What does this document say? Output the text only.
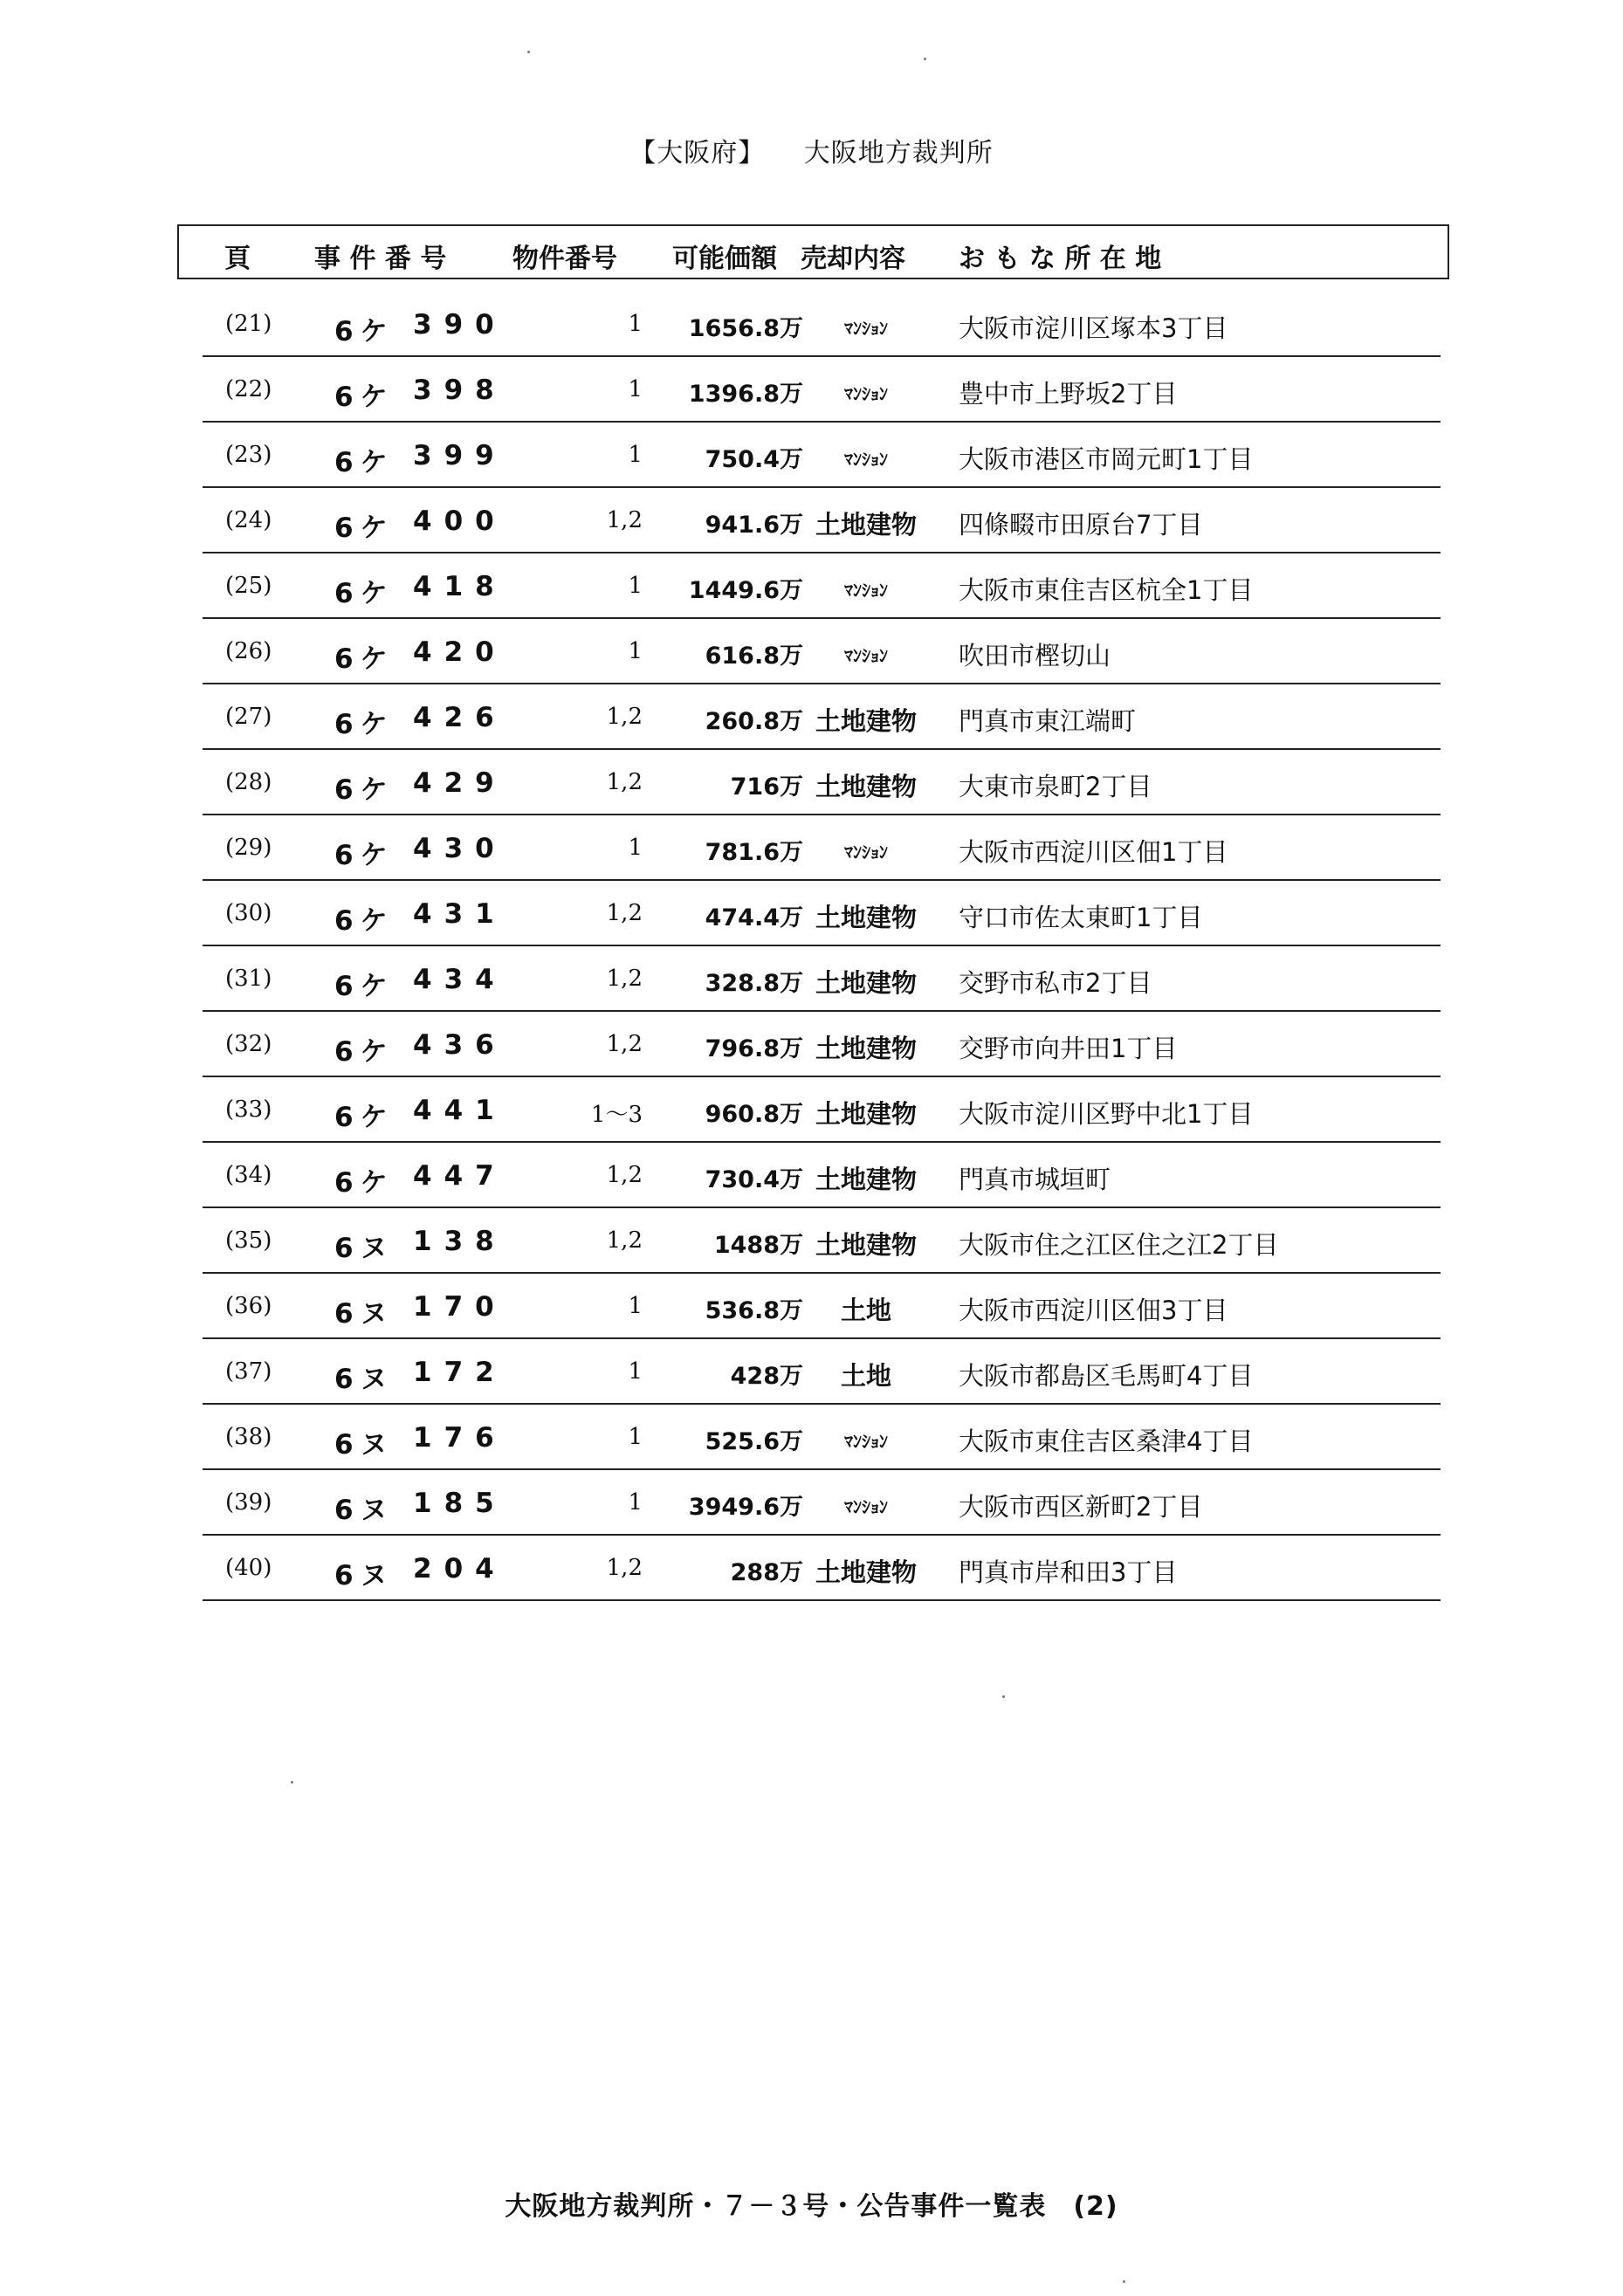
【大阪府】 大阪地方裁判所
頁 事 件 番 号	物件番号 可能価額 売却内容 お も な 所 在 地
(21) 6ケ 390	1	1656.8万	ﾏﾝｼｮﾝ	大阪市淀川区塚本3丁目
(22) 6ケ 398	1	1396.8万	ﾏﾝｼｮﾝ	豊中市上野坂2丁目
(23) 6ケ 399	1	750.4万	ﾏﾝｼｮﾝ	大阪市港区市岡元町1丁目
(24) 6ケ 400	1,2	941.6万 土地建物	四條畷市田原台7丁目
(25) 6ケ 418	1	1449.6万	ﾏﾝｼｮﾝ	大阪市東住吉区杭全1丁目
(26) 6ケ 420	1	616.8万	ﾏﾝｼｮﾝ	吹田市樫切山
(27) 6ケ 426	1,2	260.8万 土地建物	門真市東江端町
(28) 6ケ 429	1,2	716万 土地建物	大東市泉町2丁目
(29) 6ケ 430	1	781.6万	ﾏﾝｼｮﾝ	大阪市西淀川区佃1丁目
(30) 6ケ 431	1,2	474.4万 土地建物	守口市佐太東町1丁目
(31) 6ケ 434	1,2	328.8万 土地建物	交野市私市2丁目
(32) 6ケ 436	1,2	796.8万 土地建物	交野市向井田1丁目
(33) 6ケ 441	1〜3	960.8万 土地建物	大阪市淀川区野中北1丁目
(34) 6ケ 447	1,2	730.4万 土地建物	門真市城垣町
(35) 6ヌ 138	1,2	1488万 土地建物	大阪市住之江区住之江2丁目
(36) 6ヌ 170	1	536.8万	土地	大阪市西淀川区佃3丁目
(37) 6ヌ 172	1	428万	土地	大阪市都島区毛馬町4丁目
(38) 6ヌ 176	1	525.6万	ﾏﾝｼｮﾝ	大阪市東住吉区桑津4丁目
(39) 6ヌ 185	1	3949.6万	ﾏﾝｼｮﾝ	大阪市西区新町2丁目
(40) 6ヌ 204	1,2	288万 土地建物	門真市岸和田3丁目
大阪地方裁判所・７－３号・公告事件一覧表　(2)
